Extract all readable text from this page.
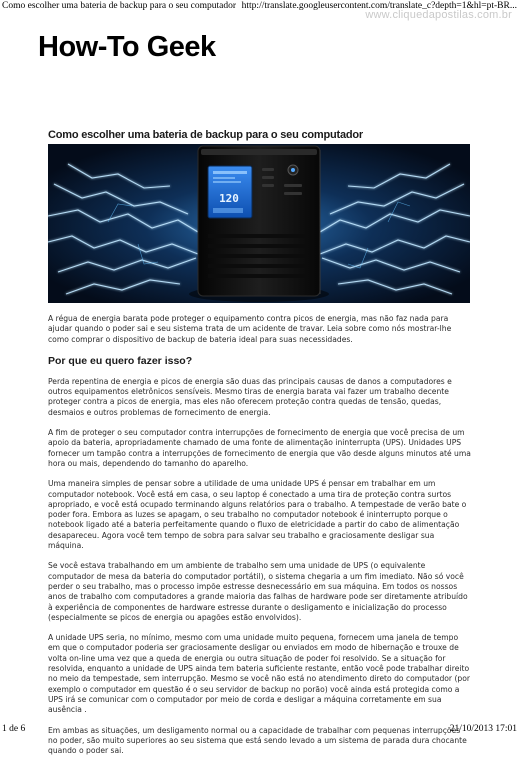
Como escolher uma bateria de backup para o seu computador http://translate.googleusercontent.com/translate_c?depth=1&hl=pt-BR...
www.cliquedapostilas.com.br
How-To Geek
Como escolher uma bateria de backup para o seu computador
120

A régua de energia barata pode proteger o equipamento contra picos de energia, mas não faz nada para ajudar quando o poder sai e seu sistema trata de um acidente de travar. Leia sobre como nós mostrar-lhe como comprar o dispositivo de backup de bateria ideal para suas necessidades.

Por que eu quero fazer isso?

Perda repentina de energia e picos de energia são duas das principais causas de danos a computadores e outros equipamentos eletrônicos sensíveis. Mesmo tiras de energia barata vai fazer um trabalho decente proteger contra a picos de energia, mas eles não oferecem proteção contra quedas de tensão, quedas, desmaios e outros problemas de fornecimento de energia.

A fim de proteger o seu computador contra interrupções de fornecimento de energia que você precisa de um apoio da bateria, apropriadamente chamado de uma fonte de alimentação ininterrupta (UPS). Unidades UPS fornecer um tampão contra a interrupções de fornecimento de energia que vão desde alguns minutos até uma hora ou mais, dependendo do tamanho do aparelho.

Uma maneira simples de pensar sobre a utilidade de uma unidade UPS é pensar em trabalhar em um computador notebook. Você está em casa, o seu laptop é conectado a uma tira de proteção contra surtos apropriado, e você está ocupado terminando alguns relatórios para o trabalho. A tempestade de verão bate o poder fora. Embora as luzes se apagam, o seu trabalho no computador notebook é ininterrupto porque o notebook ligado até a bateria perfeitamente quando o fluxo de eletricidade a partir do cabo de alimentação desapareceu. Agora você tem tempo de sobra para salvar seu trabalho e graciosamente desligar sua máquina.

Se você estava trabalhando em um ambiente de trabalho sem uma unidade de UPS (o equivalente computador de mesa da bateria do computador portátil), o sistema chegaria a um fim imediato. Não só você perder o seu trabalho, mas o processo impõe estresse desnecessário em sua máquina. Em todos os nossos anos de trabalho com computadores a grande maioria das falhas de hardware pode ser diretamente atribuído à experiência de componentes de hardware estresse durante o desligamento e inicialização do processo (especialmente se picos de energia ou apagões estão envolvidos).

A unidade UPS seria, no mínimo, mesmo com uma unidade muito pequena, fornecem uma janela de tempo em que o computador poderia ser graciosamente desligar ou enviados em modo de hibernação e trouxe de volta on-line uma vez que a queda de energia ou outra situação de poder foi resolvido. Se a situação for resolvida, enquanto a unidade de UPS ainda tem bateria suficiente restante, então você pode trabalhar direito no meio da tempestade, sem interrupção. Mesmo se você não está no atendimento direto do computador (por exemplo o computador em questão é o seu servidor de backup no porão) você ainda está protegida como a UPS irá se comunicar com o computador por meio de corda e desligar a máquina corretamente em sua ausência .

Em ambas as situações, um desligamento normal ou a capacidade de trabalhar com pequenas interrupções no poder, são muito superiores ao seu sistema que está sendo levado a um sistema de parada dura chocante quando o poder sai.

1 de 6	21/10/2013 17:01
